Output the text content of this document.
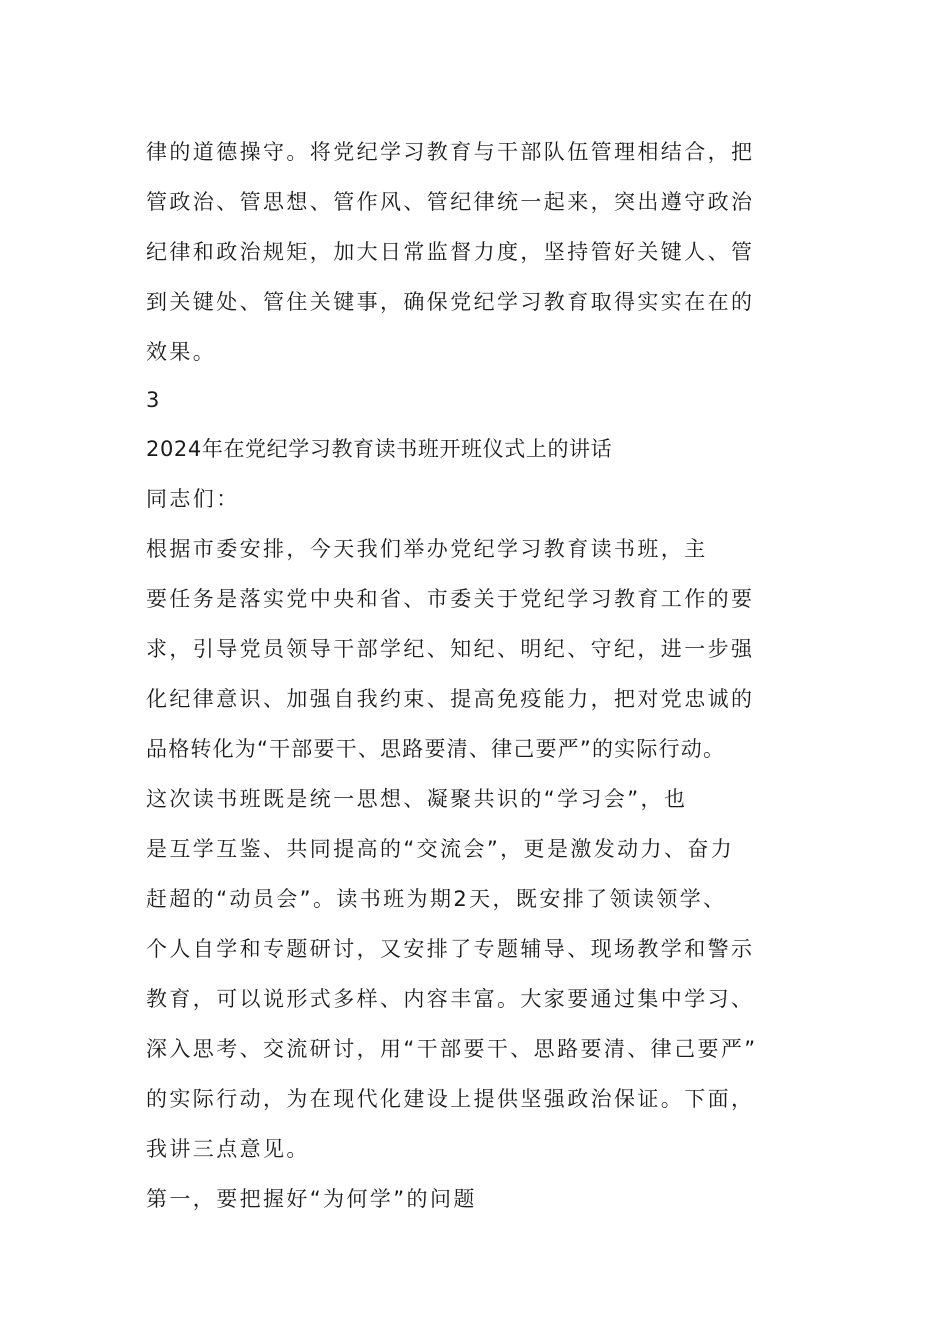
律的道德操守。将党纪学习教育与干部队伍管理相结合，把
管政治、管思想、管作风、管纪律统一起来，突出遵守政治
纪律和政治规矩，加大日常监督力度，坚持管好关键人、管
到关键处、管住关键事，确保党纪学习教育取得实实在在的
效果。
3
2024年在党纪学习教育读书班开班仪式上的讲话
同志们：
根据市委安排，今天我们举办党纪学习教育读书班，主
要任务是落实党中央和省、市委关于党纪学习教育工作的要
求，引导党员领导干部学纪、知纪、明纪、守纪，进一步强
化纪律意识、加强自我约束、提高免疫能力，把对党忠诚的
品格转化为“干部要干、思路要清、律己要严”的实际行动。
这次读书班既是统一思想、凝聚共识的“学习会”，也
是互学互鉴、共同提高的“交流会”，更是激发动力、奋力
赶超的“动员会”。读书班为期2天，既安排了领读领学、
个人自学和专题研讨，又安排了专题辅导、现场教学和警示
教育，可以说形式多样、内容丰富。大家要通过集中学习、
深入思考、交流研讨，用“干部要干、思路要清、律己要严”
的实际行动，为在现代化建设上提供坚强政治保证。下面，
我讲三点意见。
第一，要把握好“为何学”的问题
